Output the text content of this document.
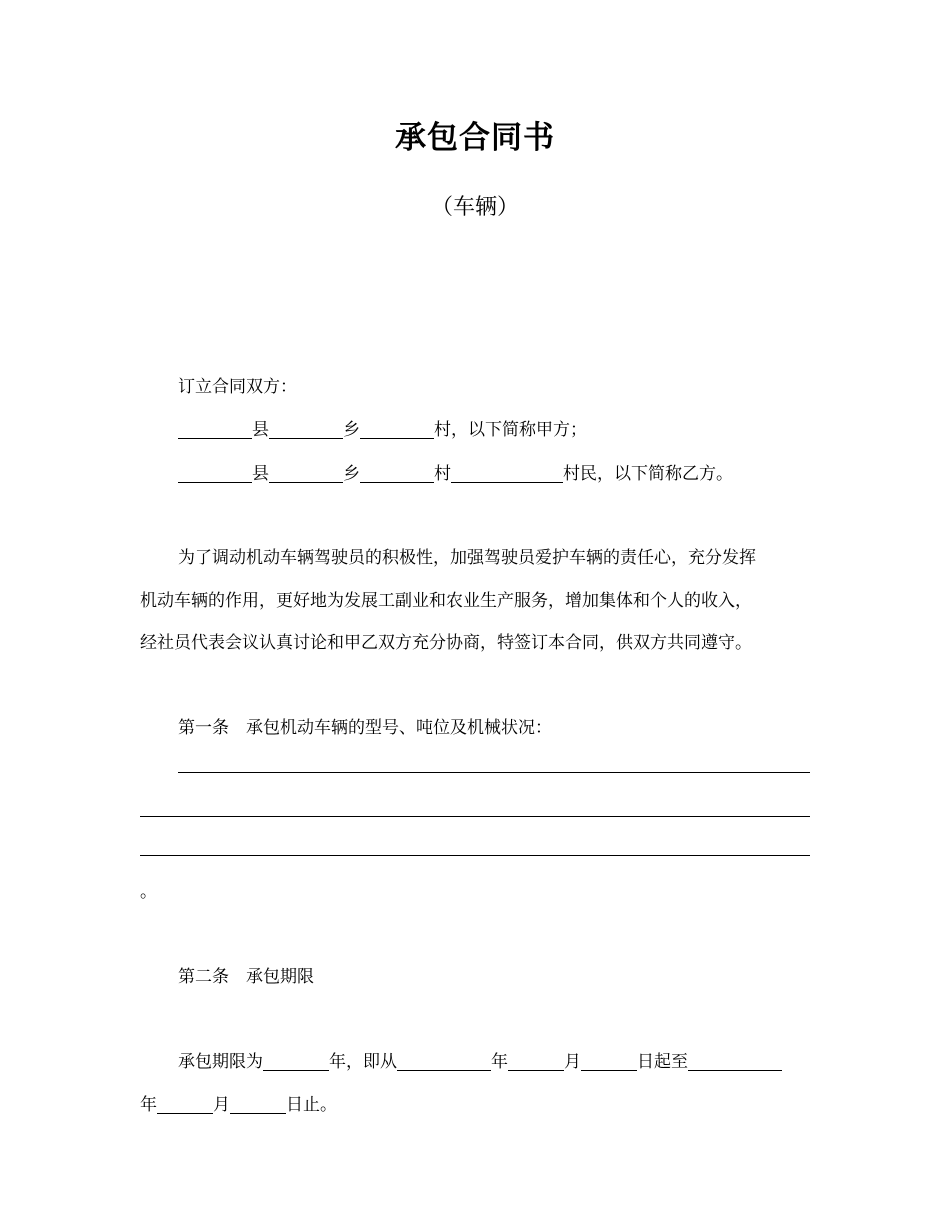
承包合同书
（车辆）
订立合同双方：
县	乡	村，以下简称甲方；
县	乡	村	村民，以下简称乙方。
为了调动机动车辆驾驶员的积极性，加强驾驶员爱护车辆的责任心，充分发挥
机动车辆的作用，更好地为发展工副业和农业生产服务，增加集体和个人的收入，
经社员代表会议认真讨论和甲乙双方充分协商，特签订本合同，供双方共同遵守。
第一条　承包机动车辆的型号、吨位及机械状况：
。
第二条　承包期限
承包期限为	年，即从	年	月	日起至
年	月	日止。
